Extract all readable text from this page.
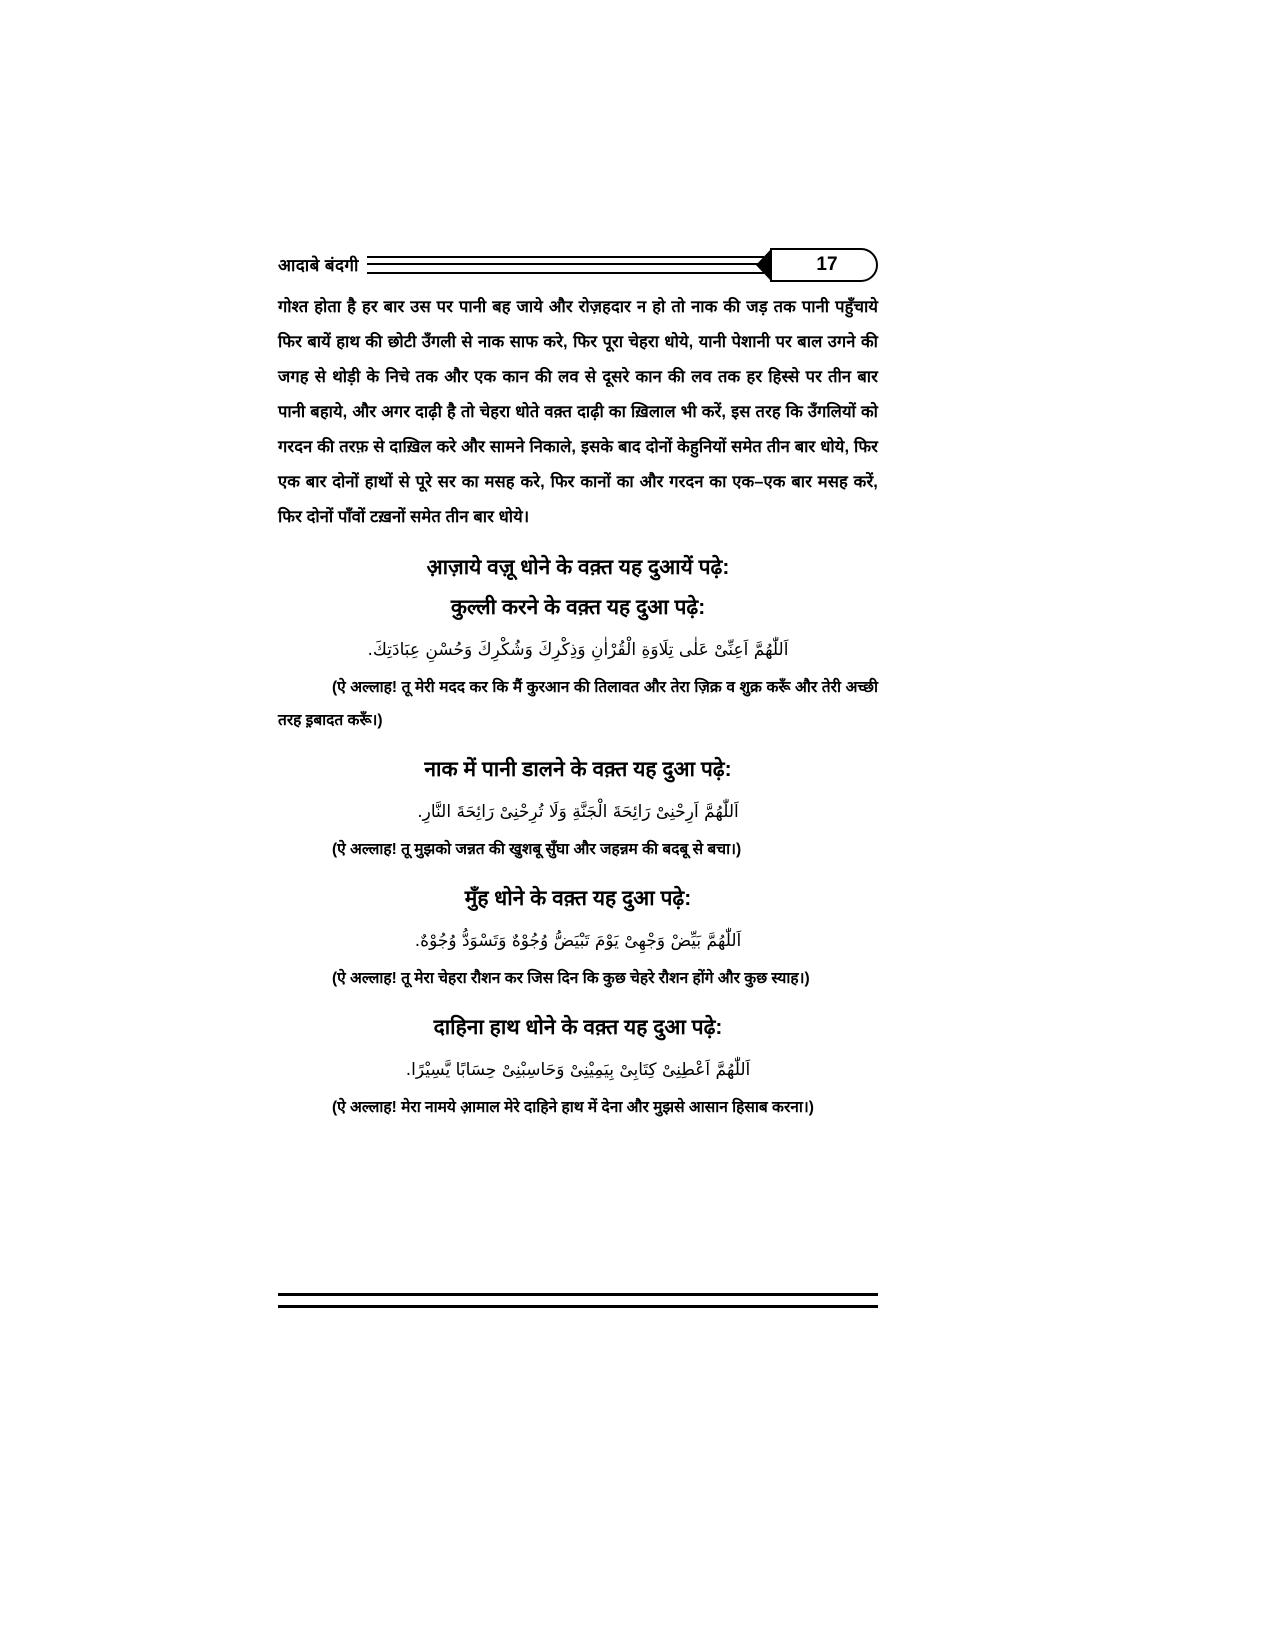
आदाबे बंदगी	17

गोश्त होता है हर बार उस पर पानी बह जाये और रोज़हदार न हो तो नाक की जड़ तक पानी पहुँचाये फिर बायें हाथ की छोटी उँगली से नाक साफ करे, फिर पूरा चेहरा धोये, यानी पेशानी पर बाल उगने की जगह से थोड़ी के निचे तक और एक कान की लव से दूसरे कान की लव तक हर हिस्से पर तीन बार पानी बहाये, और अगर दाढ़ी है तो चेहरा धोते वक़्त दाढ़ी का ख़िलाल भी करें, इस तरह कि उँगलियों को गरदन की तरफ़ से दाख़िल करे और सामने निकाले, इसके बाद दोनों केहुनियों समेत तीन बार धोये, फिर एक बार दोनों हाथों से पूरे सर का मसह करे, फिर कानों का और गरदन का एक–एक बार मसह करें, फिर दोनों पाँवों टख़नों समेत तीन बार धोये।

आ़ज़ाये वज़ू धोने के वक़्त यह दुआयें पढ़े:
कुल्ली करने के वक़्त यह दुआ पढ़े:
اَللّٰهُمَّ اَعِنِّىْ عَلٰى تِلَاوَةِ الْقُرْاٰنِ وَذِكْرِكَ وَشُكْرِكَ وَحُسْنِ عِبَادَتِكَ.

(ऐ अल्लाह! तू मेरी मदद कर कि मैं कुरआन की तिलावत और तेरा ज़िक्र व शुक्र करूँ और तेरी अच्छी तरह इ़बादत करूँ।)

नाक में पानी डालने के वक़्त यह दुआ पढ़े:
اَللّٰهُمَّ اَرِحْنِىْ رَائِحَةَ الْجَنَّةِ وَلَا تُرِحْنِىْ رَائِحَةَ النَّارِ.

(ऐ अल्लाह! तू मुझको जन्नत की खुशबू सुँघा और जहन्नम की बदबू से बचा।)

मुँह धोने के वक़्त यह दुआ पढ़े:
اَللّٰهُمَّ بَيِّضْ وَجْهِىْ يَوْمَ تَبْيَضُّ وُجُوْهٌ وَتَسْوَدُّ وُجُوْهٌ.

(ऐ अल्लाह! तू मेरा चेहरा रौशन कर जिस दिन कि कुछ चेहरे रौशन होंगे और कुछ स्याह।)

दाहिना हाथ धोने के वक़्त यह दुआ पढ़े:
اَللّٰهُمَّ اَعْطِنِىْ كِتَابِىْ بِيَمِيْنِىْ وَحَاسِبْنِىْ حِسَابًا يَّسِيْرًا.

(ऐ अल्लाह! मेरा नामये आ़माल मेरे दाहिने हाथ में देना और मुझसे आसान हिसाब करना।)
